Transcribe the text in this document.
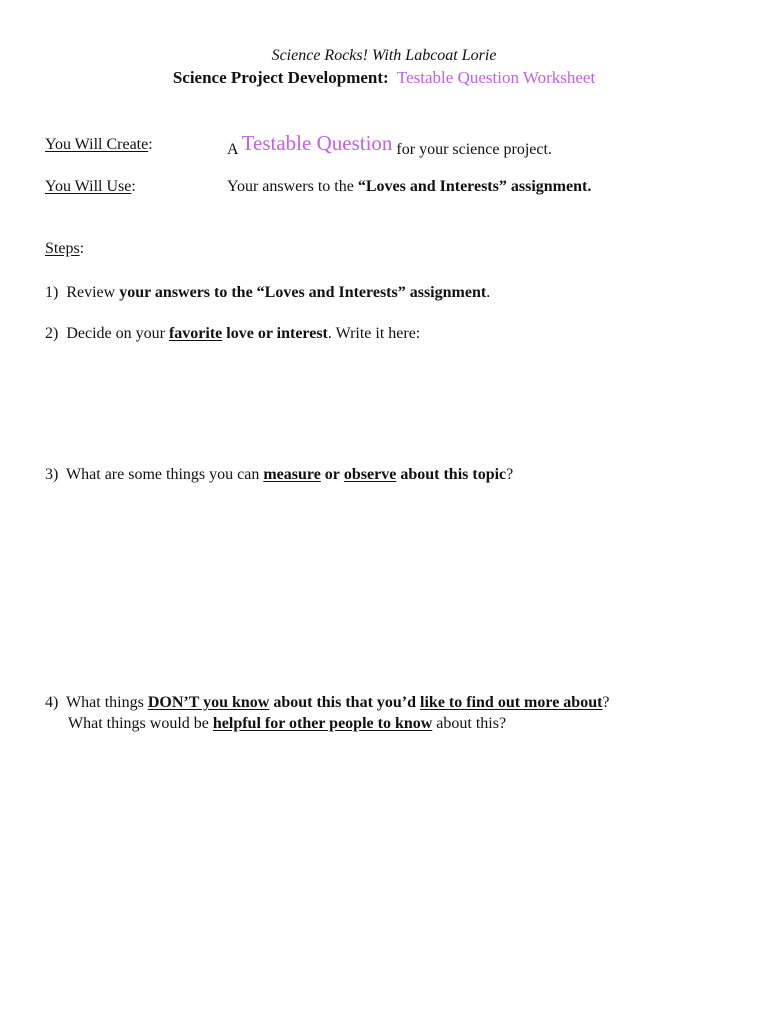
Science Rocks! With Labcoat Lorie
Science Project Development: Testable Question Worksheet
You Will Create:	A Testable Question for your science project.
You Will Use:	Your answers to the “Loves and Interests” assignment.
Steps:
1) Review your answers to the “Loves and Interests” assignment.
2) Decide on your favorite love or interest. Write it here:
3) What are some things you can measure or observe about this topic?
4) What things DON’T you know about this that you’d like to find out more about?
What things would be helpful for other people to know about this?
